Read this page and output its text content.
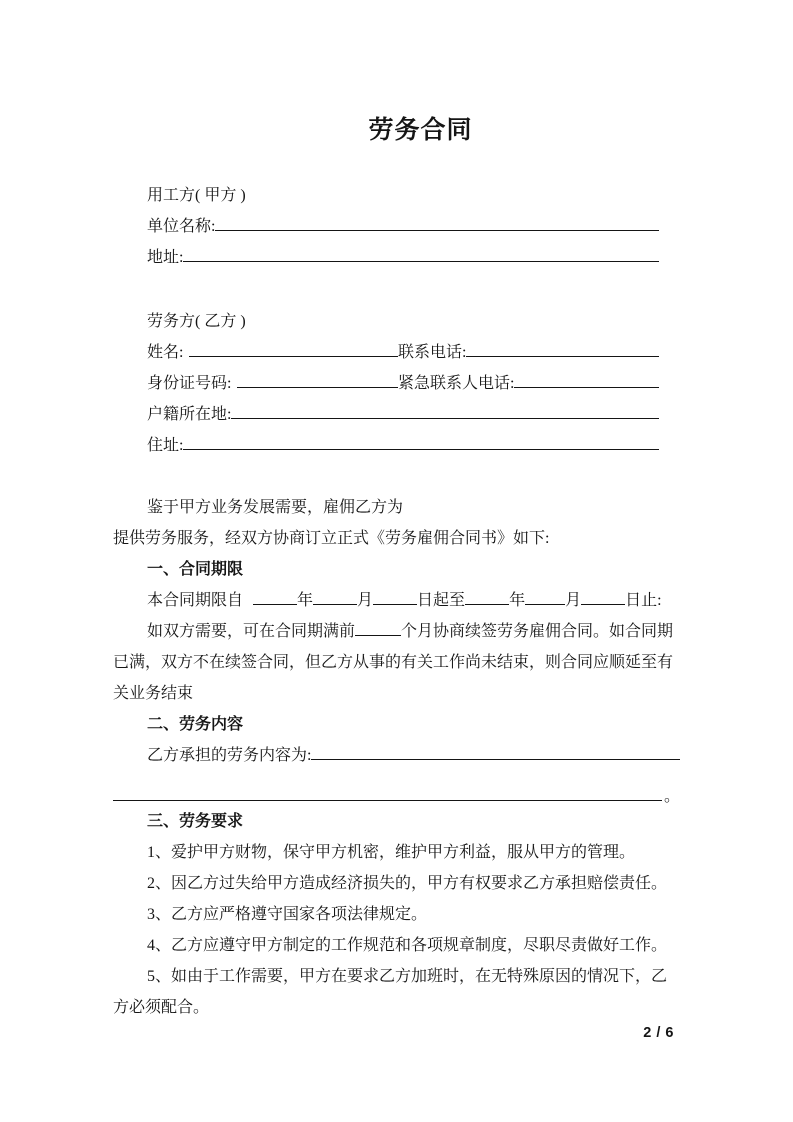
劳务合同
用工方( 甲方 )
单位名称:
地址:
劳务方( 乙方 )
姓名:	联系电话:
身份证号码:	紧急联系人电话:
户籍所在地:
住址:
鉴于甲方业务发展需要，雇佣乙方为
提供劳务服务，经双方协商订立正式《劳务雇佣合同书》如下:
一、合同期限
本合同期限自	年	月	日起至	年	月	日止:
如双方需要，可在合同期满前	个月协商续签劳务雇佣合同。如合同期
已满，双方不在续签合同，但乙方从事的有关工作尚未结束，则合同应顺延至有
关业务结束
二、劳务内容
乙方承担的劳务内容为:
。
三、劳务要求
1、爱护甲方财物，保守甲方机密，维护甲方利益，服从甲方的管理。
2、因乙方过失给甲方造成经济损失的，甲方有权要求乙方承担赔偿责任。
3、乙方应严格遵守国家各项法律规定。
4、乙方应遵守甲方制定的工作规范和各项规章制度，尽职尽责做好工作。

5、如由于工作需要，甲方在要求乙方加班时，在无特殊原因的情况下，乙方必须配合。

2 / 6
